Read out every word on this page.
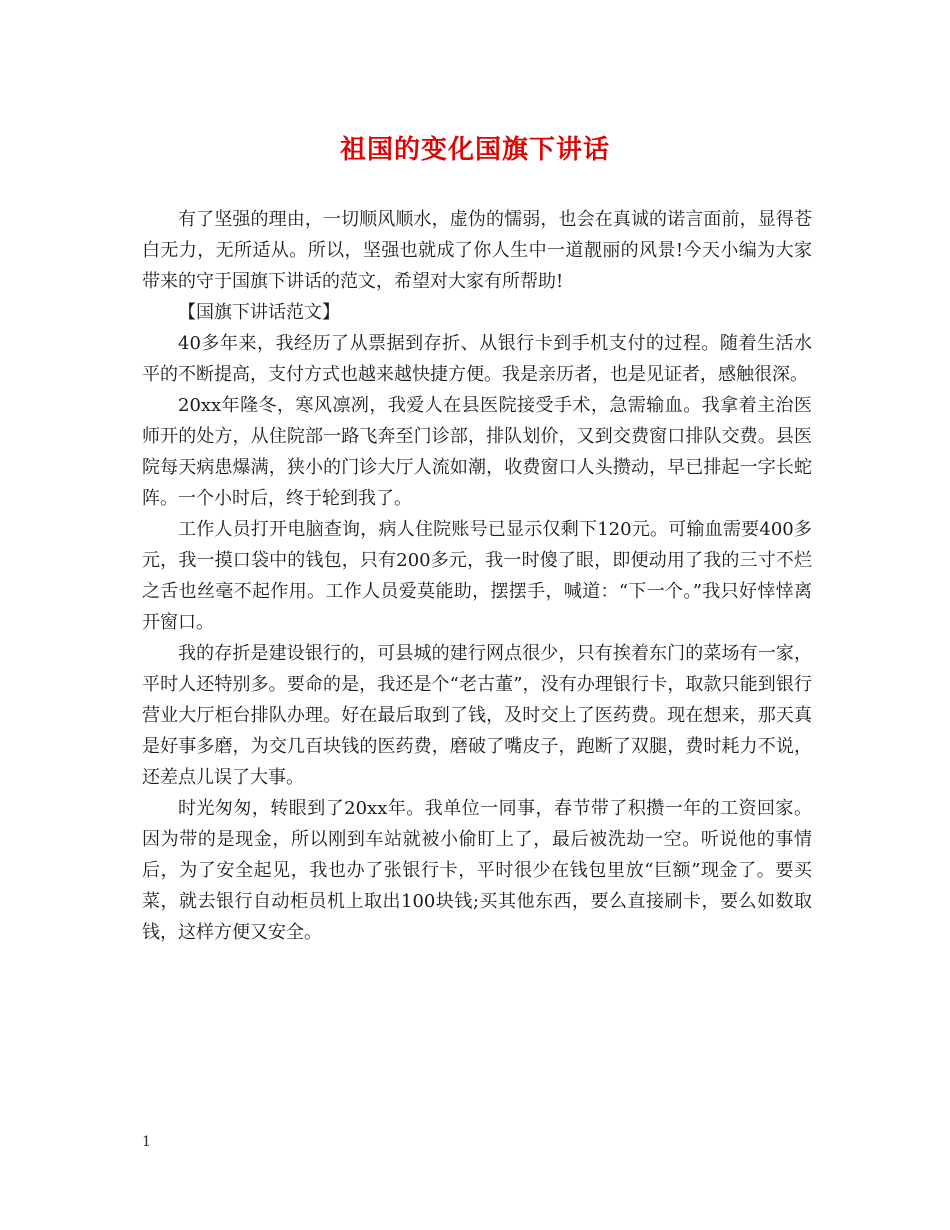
祖国的变化国旗下讲话

有了坚强的理由，一切顺风顺水，虚伪的懦弱，也会在真诚的诺言面前，显得苍白无力，无所适从。所以，坚强也就成了你人生中一道靓丽的风景!今天小编为大家带来的守于国旗下讲话的范文，希望对大家有所帮助!

【国旗下讲话范文】

40多年来，我经历了从票据到存折、从银行卡到手机支付的过程。随着生活水平的不断提高，支付方式也越来越快捷方便。我是亲历者，也是见证者，感触很深。

20xx年隆冬，寒风凛冽，我爱人在县医院接受手术，急需输血。我拿着主治医师开的处方，从住院部一路飞奔至门诊部，排队划价，又到交费窗口排队交费。县医院每天病患爆满，狭小的门诊大厅人流如潮，收费窗口人头攒动，早已排起一字长蛇阵。一个小时后，终于轮到我了。

工作人员打开电脑查询，病人住院账号已显示仅剩下120元。可输血需要400多元，我一摸口袋中的钱包，只有200多元，我一时傻了眼，即便动用了我的三寸不烂之舌也丝毫不起作用。工作人员爱莫能助，摆摆手，喊道：“下一个。”我只好悻悻离开窗口。

我的存折是建设银行的，可县城的建行网点很少，只有挨着东门的菜场有一家，平时人还特别多。要命的是，我还是个“老古董”，没有办理银行卡，取款只能到银行营业大厅柜台排队办理。好在最后取到了钱，及时交上了医药费。现在想来，那天真是好事多磨，为交几百块钱的医药费，磨破了嘴皮子，跑断了双腿，费时耗力不说，还差点儿误了大事。

时光匆匆，转眼到了20xx年。我单位一同事，春节带了积攒一年的工资回家。因为带的是现金，所以刚到车站就被小偷盯上了，最后被洗劫一空。听说他的事情后，为了安全起见，我也办了张银行卡，平时很少在钱包里放“巨额”现金了。要买菜，就去银行自动柜员机上取出100块钱;买其他东西，要么直接刷卡，要么如数取钱，这样方便又安全。

1
